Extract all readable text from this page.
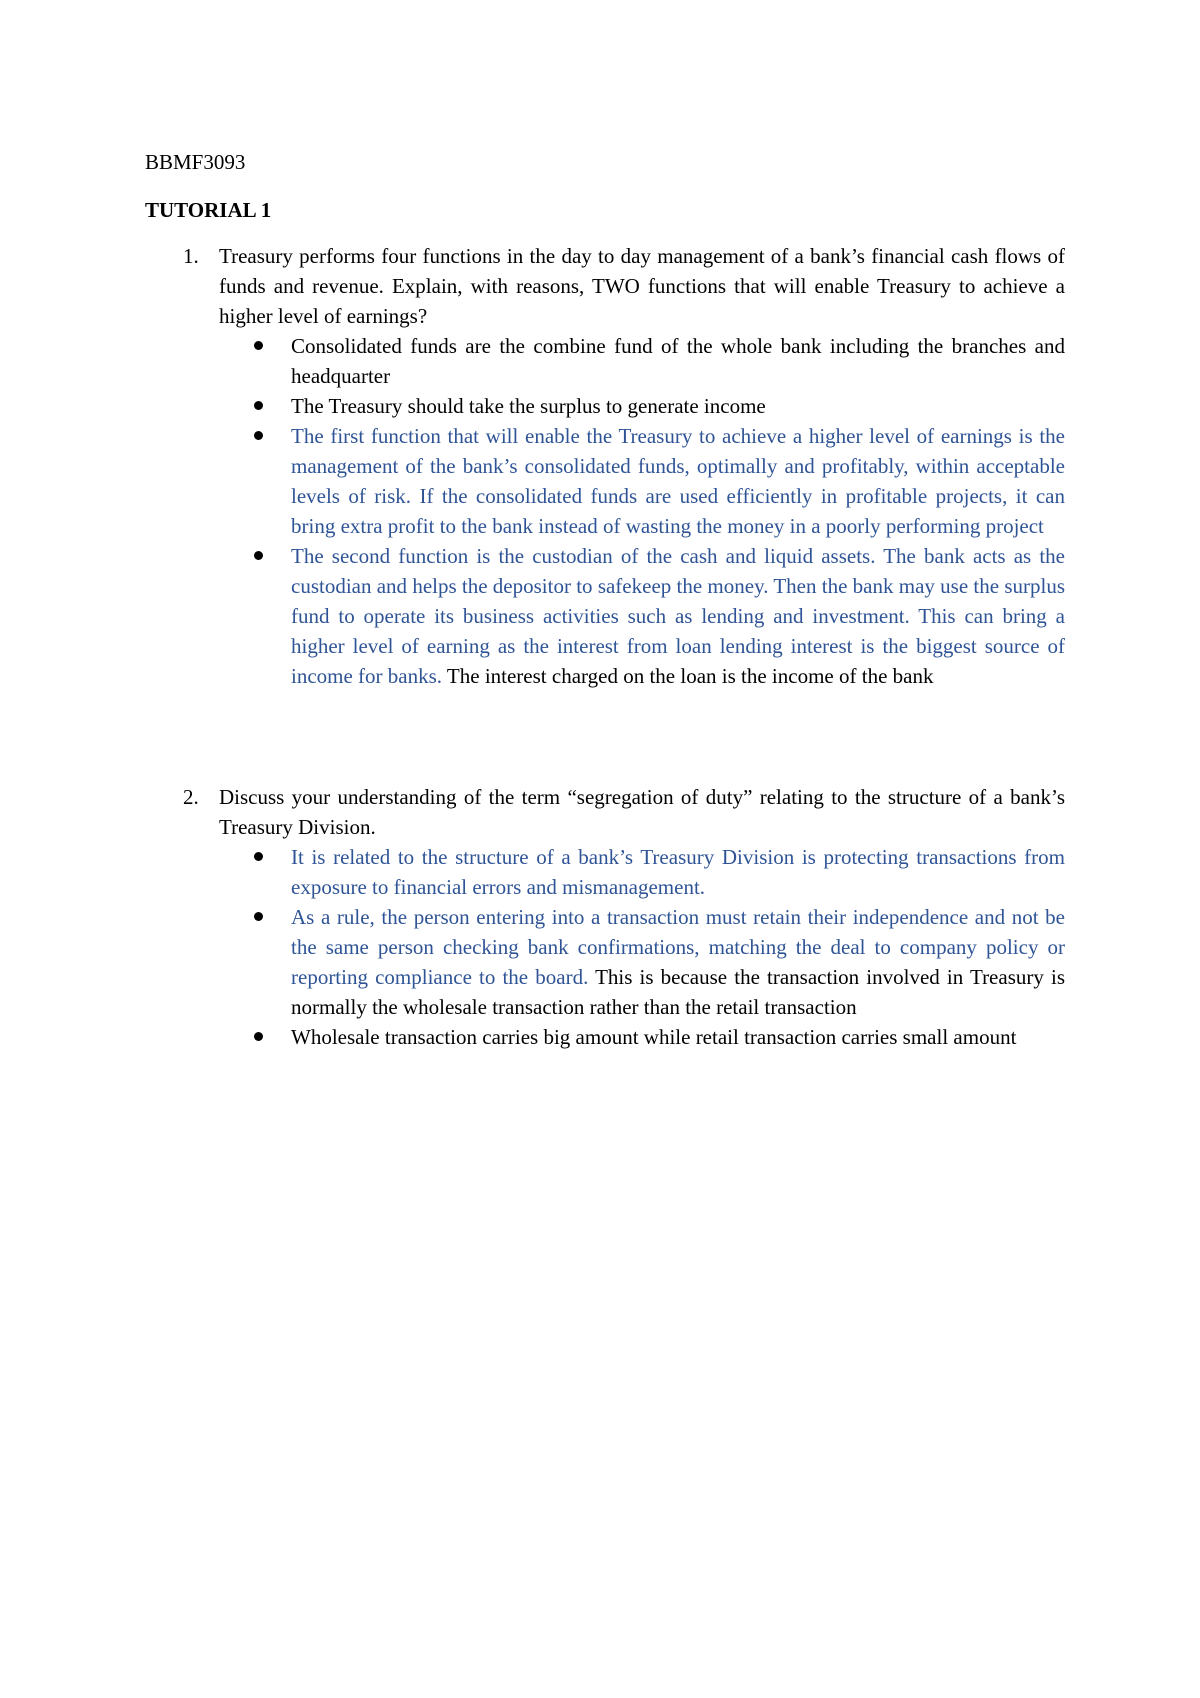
BBMF3093
TUTORIAL 1
1. Treasury performs four functions in the day to day management of a bank’s financial cash flows of funds and revenue. Explain, with reasons, TWO functions that will enable Treasury to achieve a higher level of earnings?
Consolidated funds are the combine fund of the whole bank including the branches and headquarter
The Treasury should take the surplus to generate income
The first function that will enable the Treasury to achieve a higher level of earnings is the management of the bank’s consolidated funds, optimally and profitably, within acceptable levels of risk. If the consolidated funds are used efficiently in profitable projects, it can bring extra profit to the bank instead of wasting the money in a poorly performing project
The second function is the custodian of the cash and liquid assets. The bank acts as the custodian and helps the depositor to safekeep the money. Then the bank may use the surplus fund to operate its business activities such as lending and investment. This can bring a higher level of earning as the interest from loan lending interest is the biggest source of income for banks. The interest charged on the loan is the income of the bank
2. Discuss your understanding of the term “segregation of duty” relating to the structure of a bank’s Treasury Division.
It is related to the structure of a bank’s Treasury Division is protecting transactions from exposure to financial errors and mismanagement.
As a rule, the person entering into a transaction must retain their independence and not be the same person checking bank confirmations, matching the deal to company policy or reporting compliance to the board. This is because the transaction involved in Treasury is normally the wholesale transaction rather than the retail transaction
Wholesale transaction carries big amount while retail transaction carries small amount
